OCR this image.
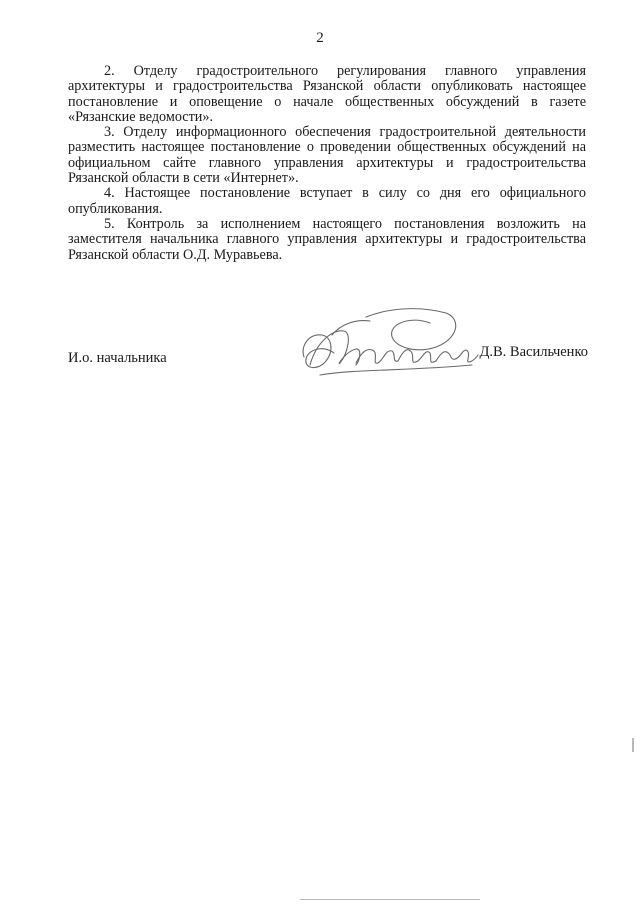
2

2. Отделу градостроительного регулирования главного управления архитектуры и градостроительства Рязанской области опубликовать настоящее постановление и оповещение о начале общественных обсуждений в газете «Рязанские ведомости».

3. Отделу информационного обеспечения градостроительной деятельности разместить настоящее постановление о проведении общественных обсуждений на официальном сайте главного управления архитектуры и градостроительства Рязанской области в сети «Интернет».

4. Настоящее постановление вступает в силу со дня его официального опубликования.

5. Контроль за исполнением настоящего постановления возложить на заместителя начальника главного управления архитектуры и градостроительства Рязанской области О.Д. Муравьева.

И.о. начальника	Д.В. Васильченко
